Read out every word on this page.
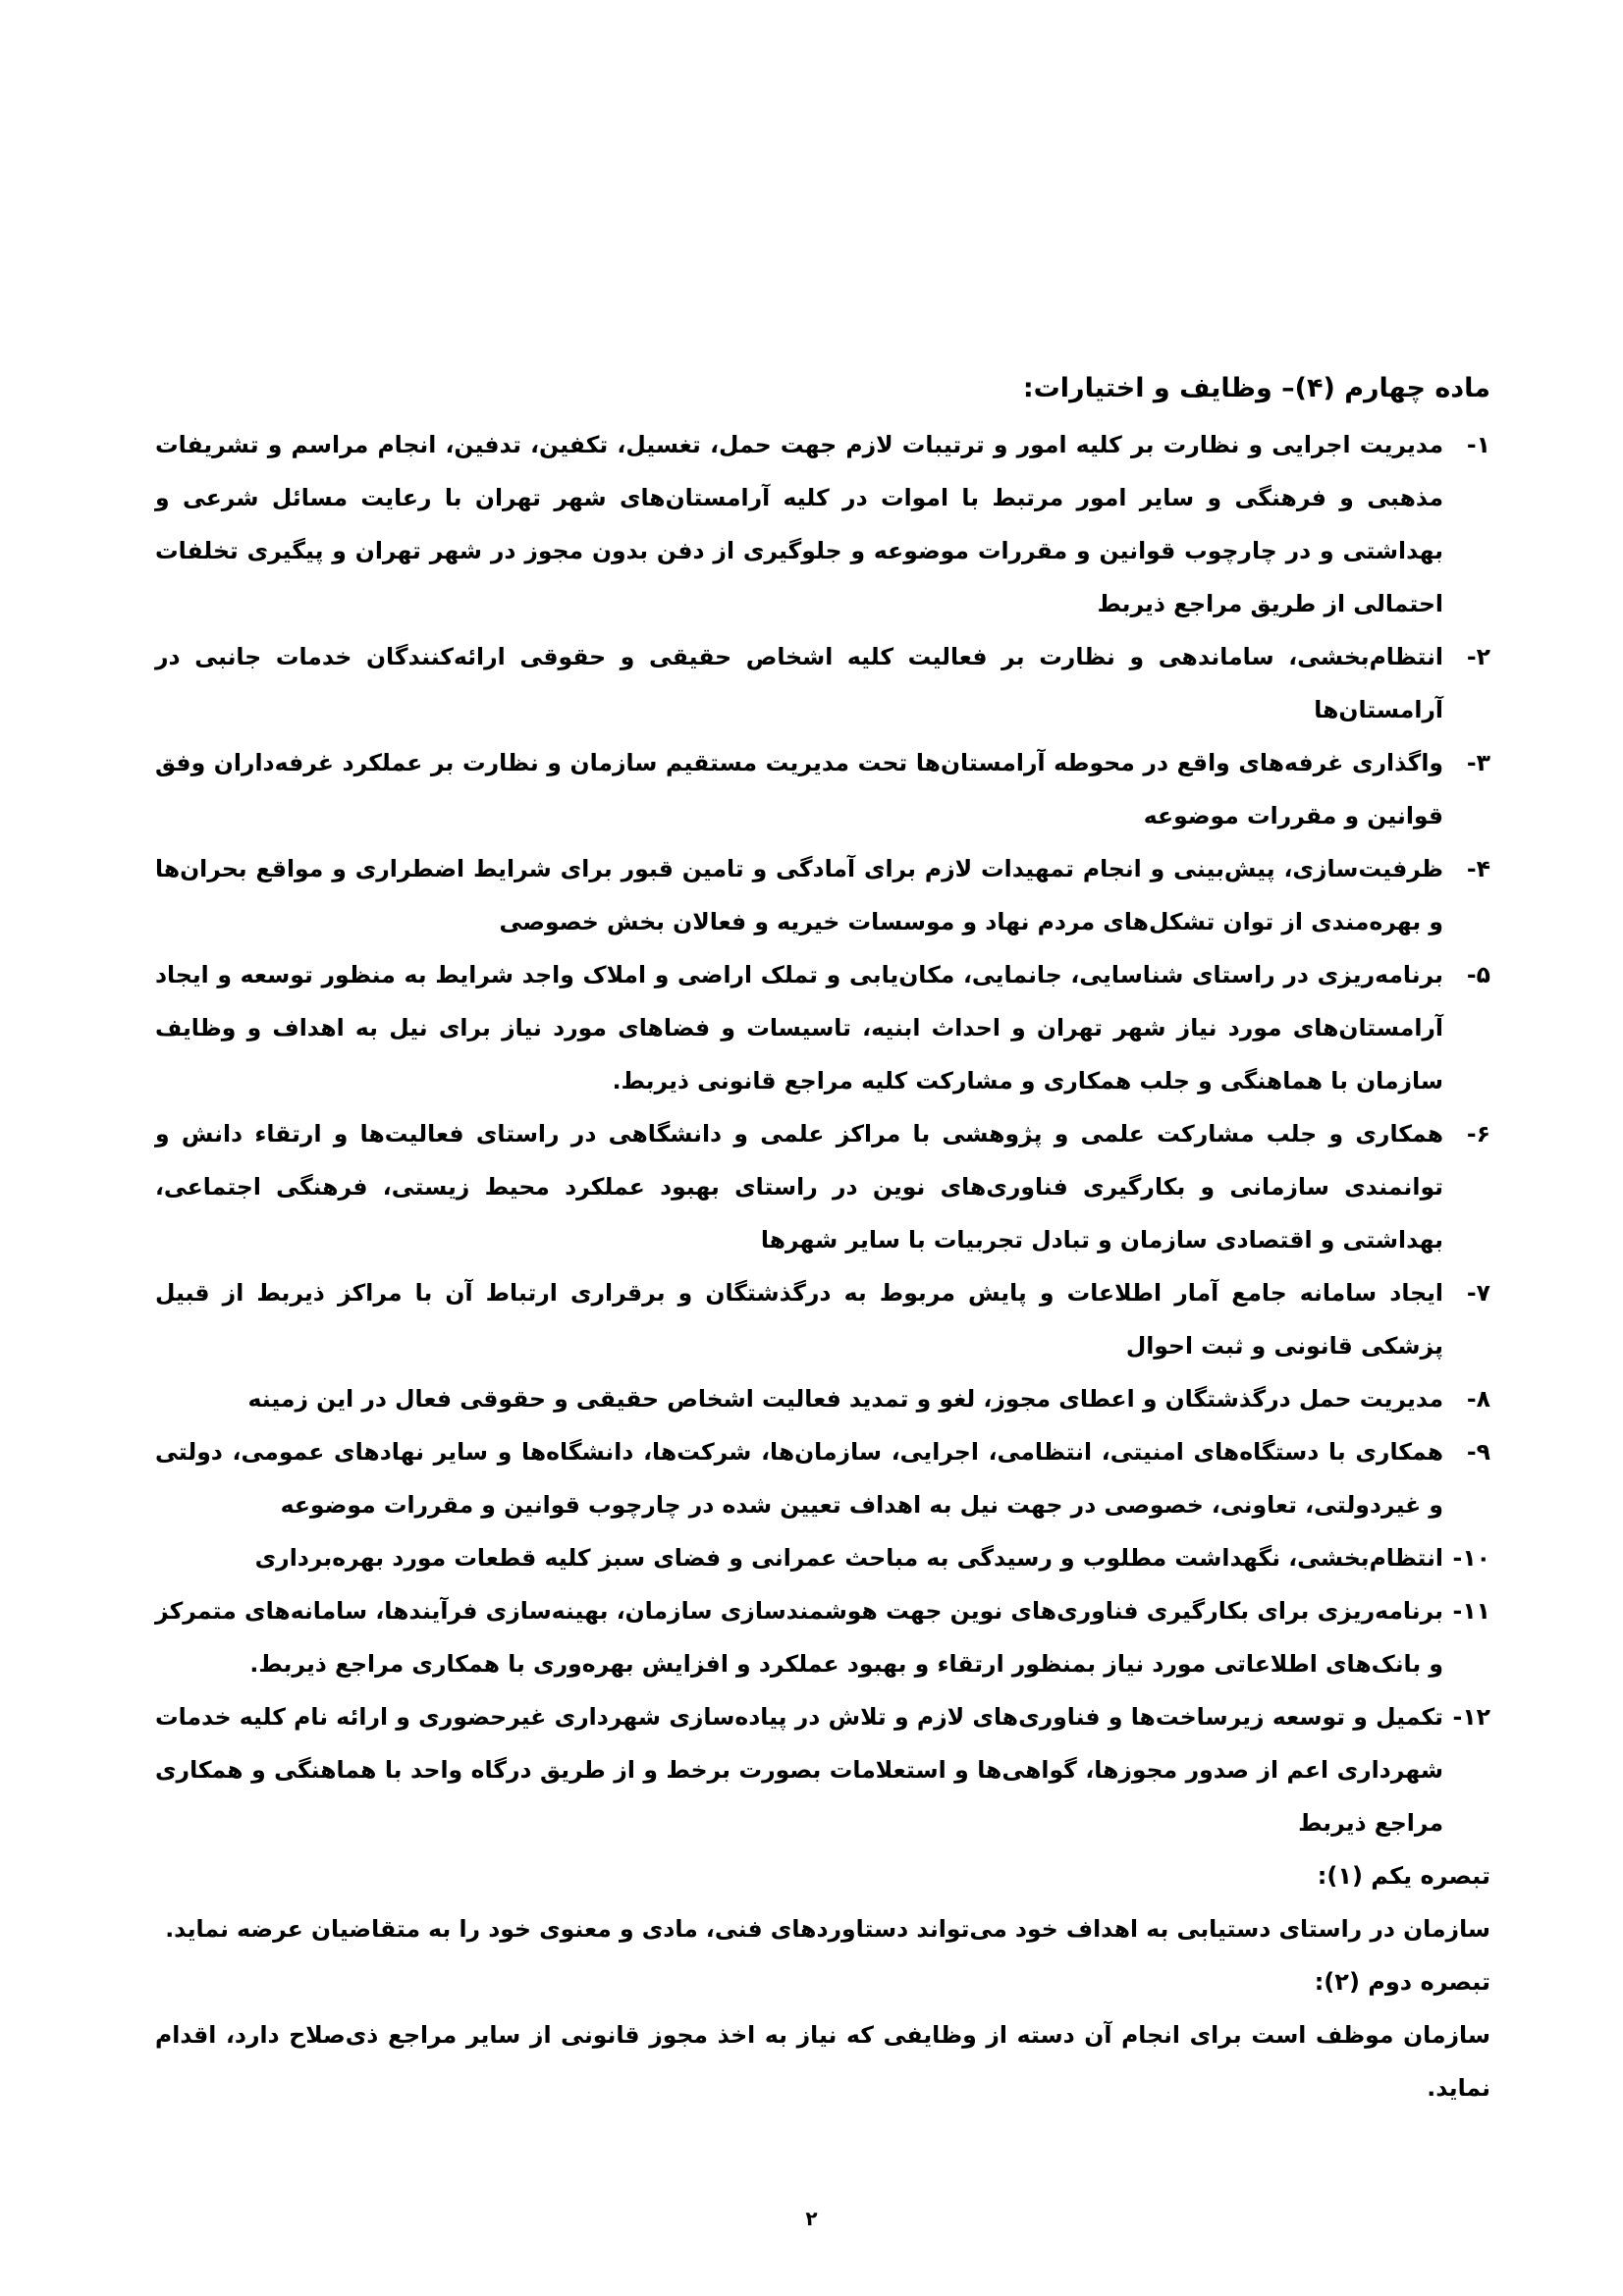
ماده چهارم (۴)– وظایف و اختیارات:
۱-
مدیریت اجرایی و نظارت بر کلیه امور و ترتیبات لازم جهت حمل، تغسیل، تکفین، تدفین، انجام مراسم و تشریفات مذهبی و فرهنگی و سایر امور مرتبط با اموات در کلیه آرامستان‌های شهر تهران با رعایت مسائل شرعی و بهداشتی و در چارچوب قوانین و مقررات موضوعه و جلوگیری از دفن بدون مجوز در شهر تهران و پیگیری تخلفات احتمالی از طریق مراجع ذیربط
۲-
انتظام‌بخشی، ساماندهی و نظارت بر فعالیت کلیه اشخاص حقیقی و حقوقی ارائه‌کنندگان خدمات جانبی در آرامستان‌ها
۳-
واگذاری غرفه‌های واقع در محوطه آرامستان‌ها تحت مدیریت مستقیم سازمان و نظارت بر عملکرد غرفه‌داران وفق قوانین و مقررات موضوعه
۴-
ظرفیت‌سازی، پیش‌بینی و انجام تمهیدات لازم برای آمادگی و تامین قبور برای شرایط اضطراری و مواقع بحران‌ها و بهره‌مندی از توان تشکل‌های مردم نهاد و موسسات خیریه و فعالان بخش خصوصی
۵-
برنامه‌ریزی در راستای شناسایی، جانمایی، مکان‌یابی و تملک اراضی و املاک واجد شرایط به منظور توسعه و ایجاد آرامستان‌های مورد نیاز شهر تهران و احداث ابنیه، تاسیسات و فضاهای مورد نیاز برای نیل به اهداف و وظایف سازمان با هماهنگی و جلب همکاری و مشارکت کلیه مراجع قانونی ذیربط.
۶-
همکاری و جلب مشارکت علمی و پژوهشی با مراکز علمی و دانشگاهی در راستای فعالیت‌ها و ارتقاء دانش و توانمندی سازمانی و بکارگیری فناوری‌های نوین در راستای بهبود عملکرد محیط زیستی، فرهنگی اجتماعی، بهداشتی و اقتصادی سازمان و تبادل تجربیات با سایر شهرها
۷-
ایجاد سامانه جامع آمار اطلاعات و پایش مربوط به درگذشتگان و برقراری ارتباط آن با مراکز ذیربط از قبیل پزشکی قانونی و ثبت احوال
۸-
مدیریت حمل درگذشتگان و اعطای مجوز، لغو و تمدید فعالیت اشخاص حقیقی و حقوقی فعال در این زمینه
۹-
همکاری با دستگاه‌های امنیتی، انتظامی، اجرایی، سازمان‌ها، شرکت‌ها، دانشگاه‌ها و سایر نهادهای عمومی، دولتی و غیردولتی، تعاونی، خصوصی در جهت نیل به اهداف تعیین شده در چارچوب قوانین و مقررات موضوعه
۱۰-
انتظام‌بخشی، نگهداشت مطلوب و رسیدگی به مباحث عمرانی و فضای سبز کلیه قطعات مورد بهره‌برداری
۱۱-
برنامه‌ریزی برای بکارگیری فناوری‌های نوین جهت هوشمندسازی سازمان، بهینه‌سازی فرآیندها، سامانه‌های متمرکز و بانک‌های اطلاعاتی مورد نیاز بمنظور ارتقاء و بهبود عملکرد و افزایش بهره‌وری با همکاری مراجع ذیربط.
۱۲-
تکمیل و توسعه زیرساخت‌ها و فناوری‌های لازم و تلاش در پیاده‌سازی شهرداری غیرحضوری و ارائه نام کلیه خدمات شهرداری اعم از صدور مجوزها، گواهی‌ها و استعلامات بصورت برخط و از طریق درگاه واحد با هماهنگی و همکاری مراجع ذیربط
تبصره یکم (۱):
سازمان در راستای دستیابی به اهداف خود می‌تواند دستاوردهای فنی، مادی و معنوی خود را به متقاضیان عرضه نماید.
تبصره دوم (۲):
سازمان موظف است برای انجام آن دسته از وظایفی که نیاز به اخذ مجوز قانونی از سایر مراجع ذی‌صلاح دارد، اقدام نماید.
۲
